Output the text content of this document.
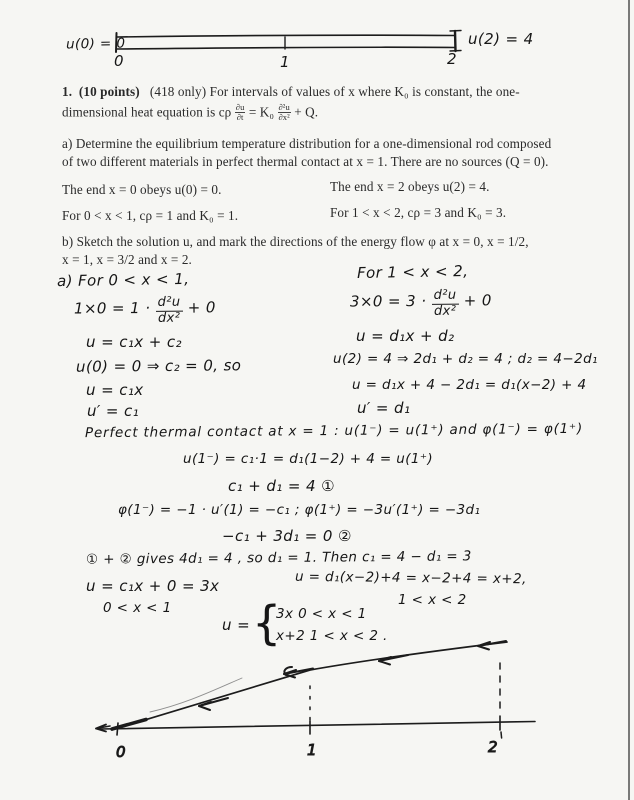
1. (10 points) (418 only) For intervals of values of x where K₀ is constant, the one-
dimensional heat equation is cρ $\frac{\partial u}{\partial t} = K_0 \frac{\text{∂²u}}{\text{∂x²}} + Q$.
a) Determine the equilibrium temperature distribution for a one-dimensional rod composed
of two different materials in perfect thermal contact at x = 1. There are no sources (Q = 0).
The end x = 0 obeys u(0) = 0.	The end x = 2 obeys u(2) = 4.
For 0 < x < 1, cρ = 1 and K₀ = 1.	For 1 < x < 2, cρ = 3 and K₀ = 3.
b) Sketch the solution u, and mark the directions of the energy flow φ at x = 0, x = 1/2,
x = 1, x = 3/2 and x = 2.
u(0) = 0	u(2) = 4
0	1	2
a) For 0 < x < 1,
$1\times 0 = 1 \cdot \frac{\text{d²u}}{\text{dx²}} + 0$
u = c₁x + c₂
u(0) = 0 ⇒ c₂ = 0, so
u = c₁x
u′ = c₁
For 1 < x < 2,
$3\times 0 = 3 \cdot \frac{\text{d²u}}{\text{dx²}} + 0$
u = d₁x + d₂
u(2) = 4 ⇒ 2d₁ + d₂ = 4 ; d₂ = 4−2d₁
u = d₁x + 4 − 2d₁ = d₁(x−2) + 4
u′ = d₁
Perfect thermal contact at x = 1 : u(1⁻) = u(1⁺) and φ(1⁻) = φ(1⁺)
u(1⁻) = c₁·1 = d₁(1−2) + 4 = u(1⁺)
c₁ + d₁ = 4 ①
φ(1⁻) = −1 · u′(1) = −c₁ ; φ(1⁺) = −3u′(1⁺) = −3d₁
−c₁ + 3d₁ = 0 ②
① + ② gives 4d₁ = 4 , so d₁ = 1. Then c₁ = 4 − d₁ = 3
u = c₁x + 0 = 3x
0 < x < 1
u = d₁(x−2)+4 = x−2+4 = x+2,
1 < x < 2
u = {
3x 0 < x < 1
x+2 1 < x < 2 .
0	1	2
